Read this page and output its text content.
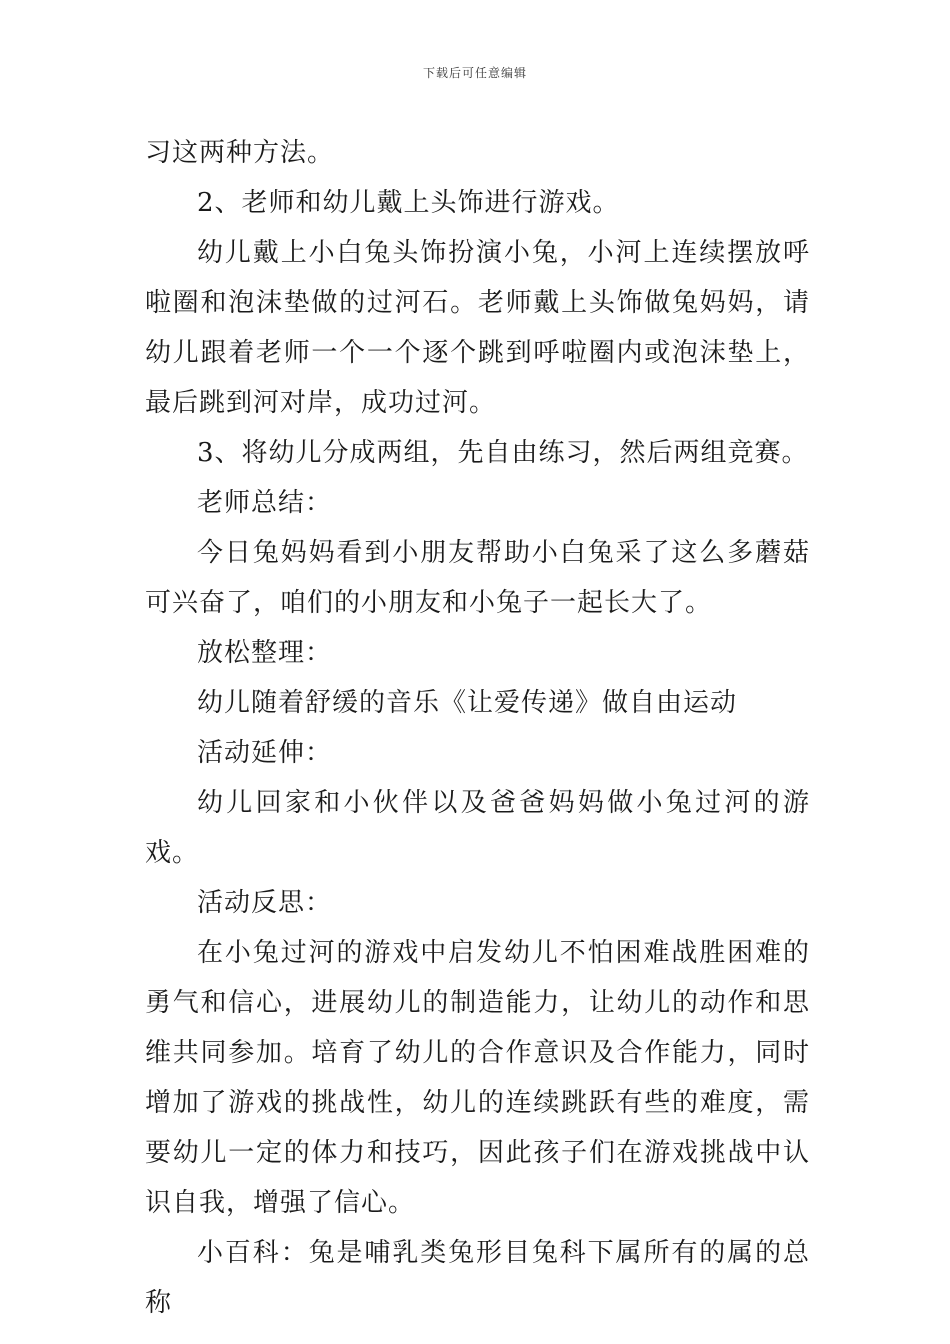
下载后可任意编辑

习这两种方法。

2、老师和幼儿戴上头饰进行游戏。

幼儿戴上小白兔头饰扮演小兔，小河上连续摆放呼啦圈和泡沫垫做的过河石。老师戴上头饰做兔妈妈，请幼儿跟着老师一个一个逐个跳到呼啦圈内或泡沫垫上，最后跳到河对岸，成功过河。

3、将幼儿分成两组，先自由练习，然后两组竞赛。

老师总结：

今日兔妈妈看到小朋友帮助小白兔采了这么多蘑菇可兴奋了，咱们的小朋友和小兔子一起长大了。

放松整理：

幼儿随着舒缓的音乐《让爱传递》做自由运动

活动延伸：

幼儿回家和小伙伴以及爸爸妈妈做小兔过河的游戏。

活动反思：

在小兔过河的游戏中启发幼儿不怕困难战胜困难的勇气和信心，进展幼儿的制造能力，让幼儿的动作和思维共同参加。培育了幼儿的合作意识及合作能力，同时增加了游戏的挑战性，幼儿的连续跳跃有些的难度，需要幼儿一定的体力和技巧，因此孩子们在游戏挑战中认识自我，增强了信心。

小百科：兔是哺乳类兔形目兔科下属所有的属的总称
